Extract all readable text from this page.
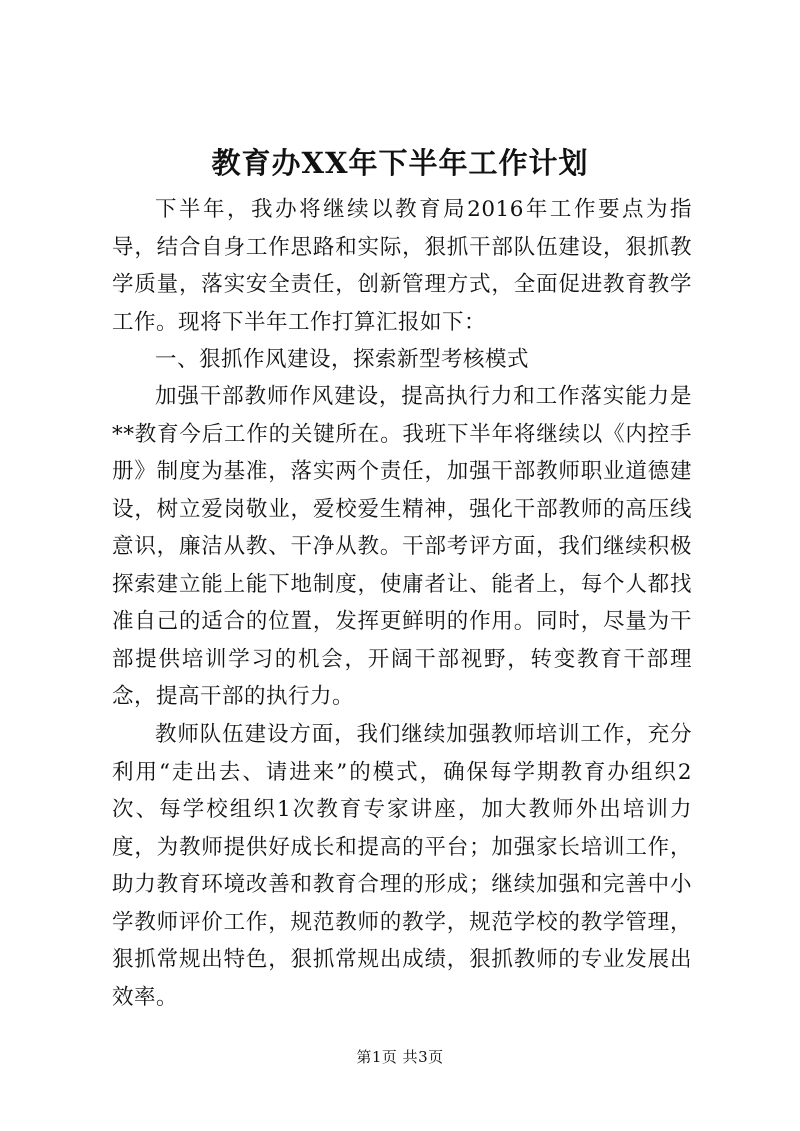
教育办XX年下半年工作计划

下半年，我办将继续以教育局2016年工作要点为指导，结合自身工作思路和实际，狠抓干部队伍建设，狠抓教学质量，落实安全责任，创新管理方式，全面促进教育教学工作。现将下半年工作打算汇报如下：

一、狠抓作风建设，探索新型考核模式

加强干部教师作风建设，提高执行力和工作落实能力是**教育今后工作的关键所在。我班下半年将继续以《内控手册》制度为基准，落实两个责任，加强干部教师职业道德建设，树立爱岗敬业，爱校爱生精神，强化干部教师的高压线意识，廉洁从教、干净从教。干部考评方面，我们继续积极探索建立能上能下地制度，使庸者让、能者上，每个人都找准自己的适合的位置，发挥更鲜明的作用。同时，尽量为干部提供培训学习的机会，开阔干部视野，转变教育干部理念，提高干部的执行力。

教师队伍建设方面，我们继续加强教师培训工作，充分利用“走出去、请进来”的模式，确保每学期教育办组织2次、每学校组织1次教育专家讲座，加大教师外出培训力度，为教师提供好成长和提高的平台；加强家长培训工作，助力教育环境改善和教育合理的形成；继续加强和完善中小学教师评价工作，规范教师的教学，规范学校的教学管理，狠抓常规出特色，狠抓常规出成绩，狠抓教师的专业发展出效率。

第1页 共3页
